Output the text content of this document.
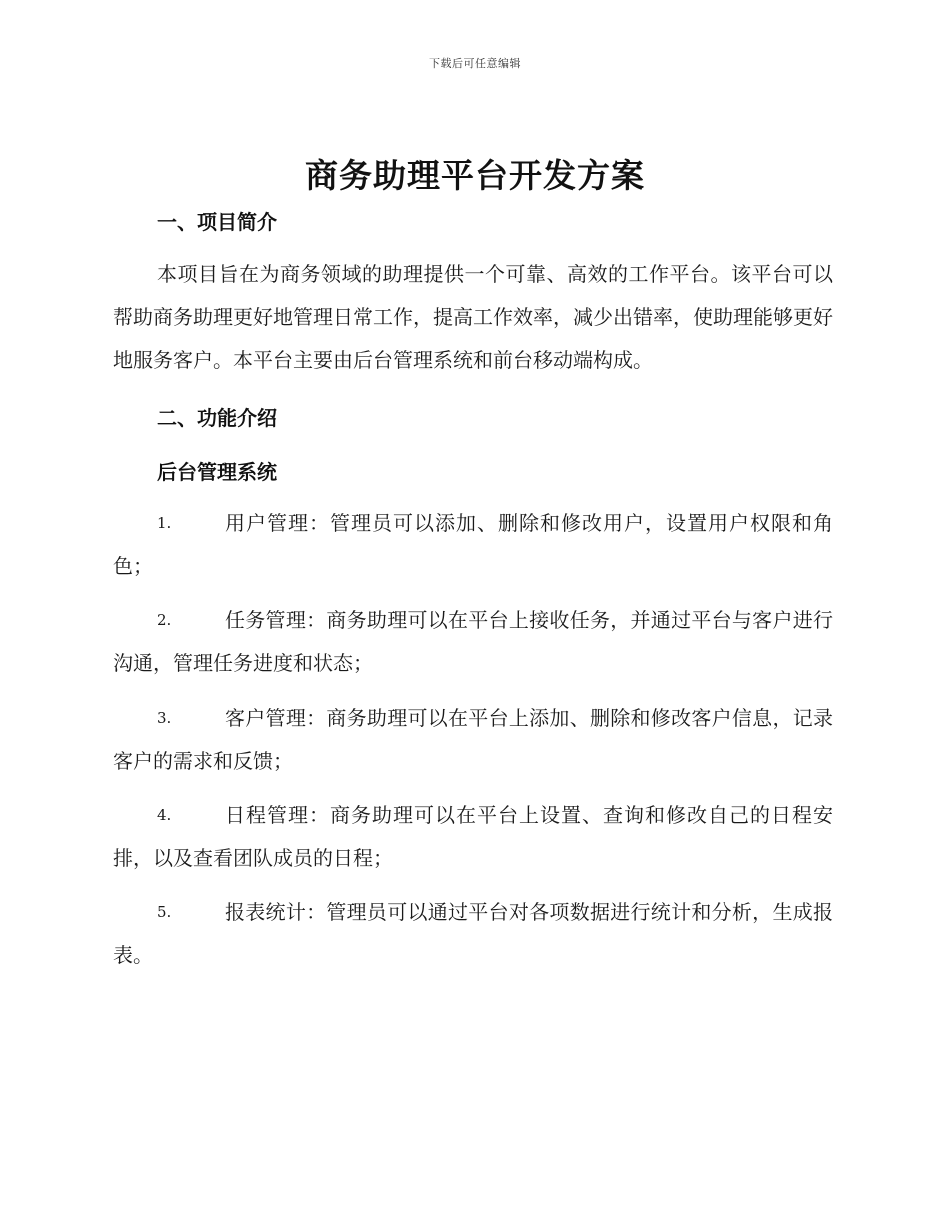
下载后可任意编辑
商务助理平台开发方案
一、项目简介
本项目旨在为商务领域的助理提供一个可靠、高效的工作平台。该平台可以帮助商务助理更好地管理日常工作，提高工作效率，减少出错率，使助理能够更好地服务客户。本平台主要由后台管理系统和前台移动端构成。
二、功能介绍
后台管理系统
1.	用户管理：管理员可以添加、删除和修改用户，设置用户权限和角色；
2.	任务管理：商务助理可以在平台上接收任务，并通过平台与客户进行沟通，管理任务进度和状态；
3.	客户管理：商务助理可以在平台上添加、删除和修改客户信息，记录客户的需求和反馈；
4.	日程管理：商务助理可以在平台上设置、查询和修改自己的日程安排，以及查看团队成员的日程；
5.	报表统计：管理员可以通过平台对各项数据进行统计和分析，生成报表。
